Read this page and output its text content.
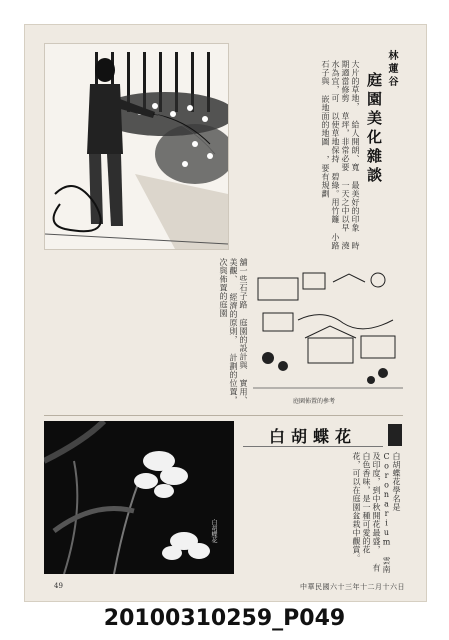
林蓮谷
庭園美化雜談
大片的草地， 給人開朗、寬 最美好的印象 時期適當修剪 草坪，非常必要 一天之中以早 澆水為宜，可 以使草地保持 碧綠。用竹籬 小路石子與 嵌地面的地圖 ，要有規劃
舖一些石子路 庭園的設計與 實用、美觀、 經濟的原則， 計劃的位置， 次與佈置的庭園
庭園佈置的參考
白胡蝶花
白胡蝶花
白胡蝶花學名是Coronarium 雲南及印度，到中秋開花最盛， 有白色香味，是一種可愛的花 花，可以在庭園盆栽中觀賞。
49	中華民國六十三年十二月十六日
20100310259_P049
